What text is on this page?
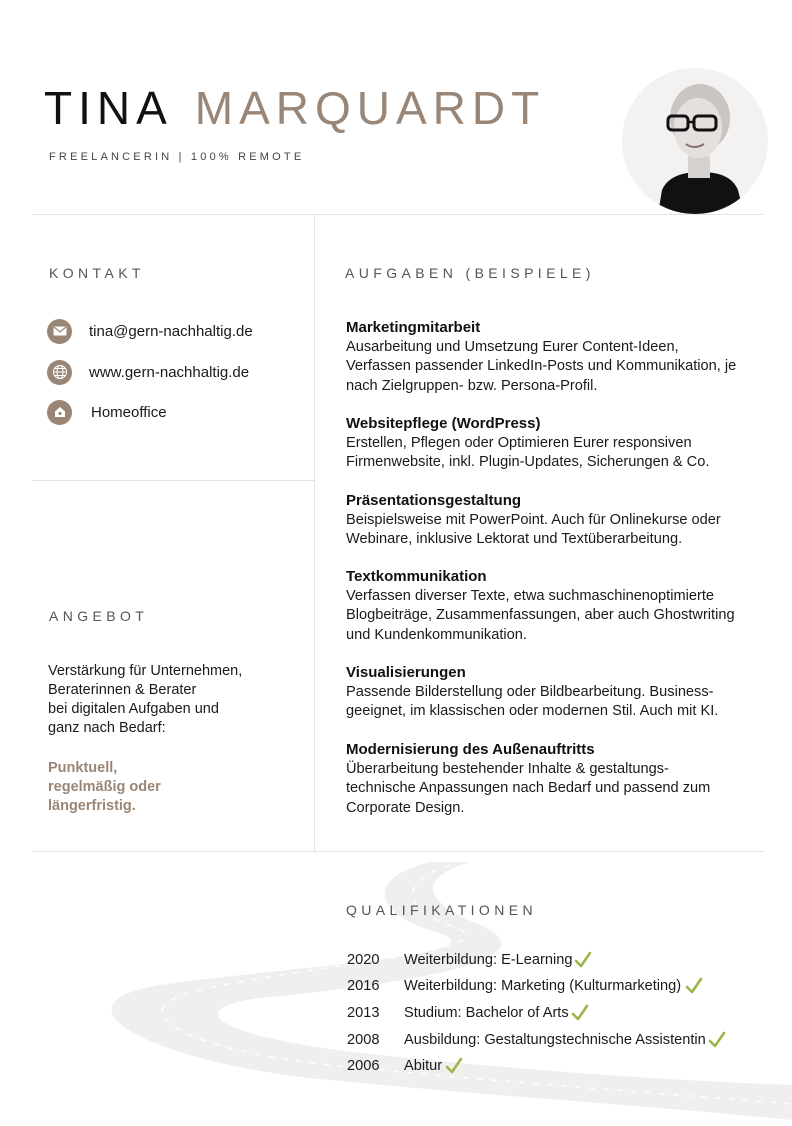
TINA MARQUARDT
FREELANCERIN | 100% REMOTE
KONTAKT
tina@gern-nachhaltig.de
www.gern-nachhaltig.de
Homeoffice
ANGEBOT
Verstärkung für Unternehmen,
Beraterinnen & Berater
bei digitalen Aufgaben und
ganz nach Bedarf:
Punktuell,
regelmäßig oder
längerfristig.
AUFGABEN (BEISPIELE)
Marketingmitarbeit
Ausarbeitung und Umsetzung Eurer Content-Ideen,
Verfassen passender LinkedIn-Posts und Kommunikation, je
nach Zielgruppen- bzw. Persona-Profil.
Websitepflege (WordPress)
Erstellen, Pflegen oder Optimieren Eurer responsiven
Firmenwebsite, inkl. Plugin-Updates, Sicherungen & Co.
Präsentationsgestaltung
Beispielsweise mit PowerPoint. Auch für Onlinekurse oder
Webinare, inklusive Lektorat und Textüberarbeitung.
Textkommunikation
Verfassen diverser Texte, etwa suchmaschinenoptimierte
Blogbeiträge, Zusammenfassungen, aber auch Ghostwriting
und Kundenkommunikation.
Visualisierungen
Passende Bilderstellung oder Bildbearbeitung. Business-
geeignet, im klassischen oder modernen Stil. Auch mit KI.
Modernisierung des Außenauftritts
Überarbeitung bestehender Inhalte & gestaltungs-
technische Anpassungen nach Bedarf und passend zum
Corporate Design.
QUALIFIKATIONEN
2020	Weiterbildung: E-Learning
2016	Weiterbildung: Marketing (Kulturmarketing)
2013	Studium: Bachelor of Arts
2008	Ausbildung: Gestaltungstechnische Assistentin
2006	Abitur
